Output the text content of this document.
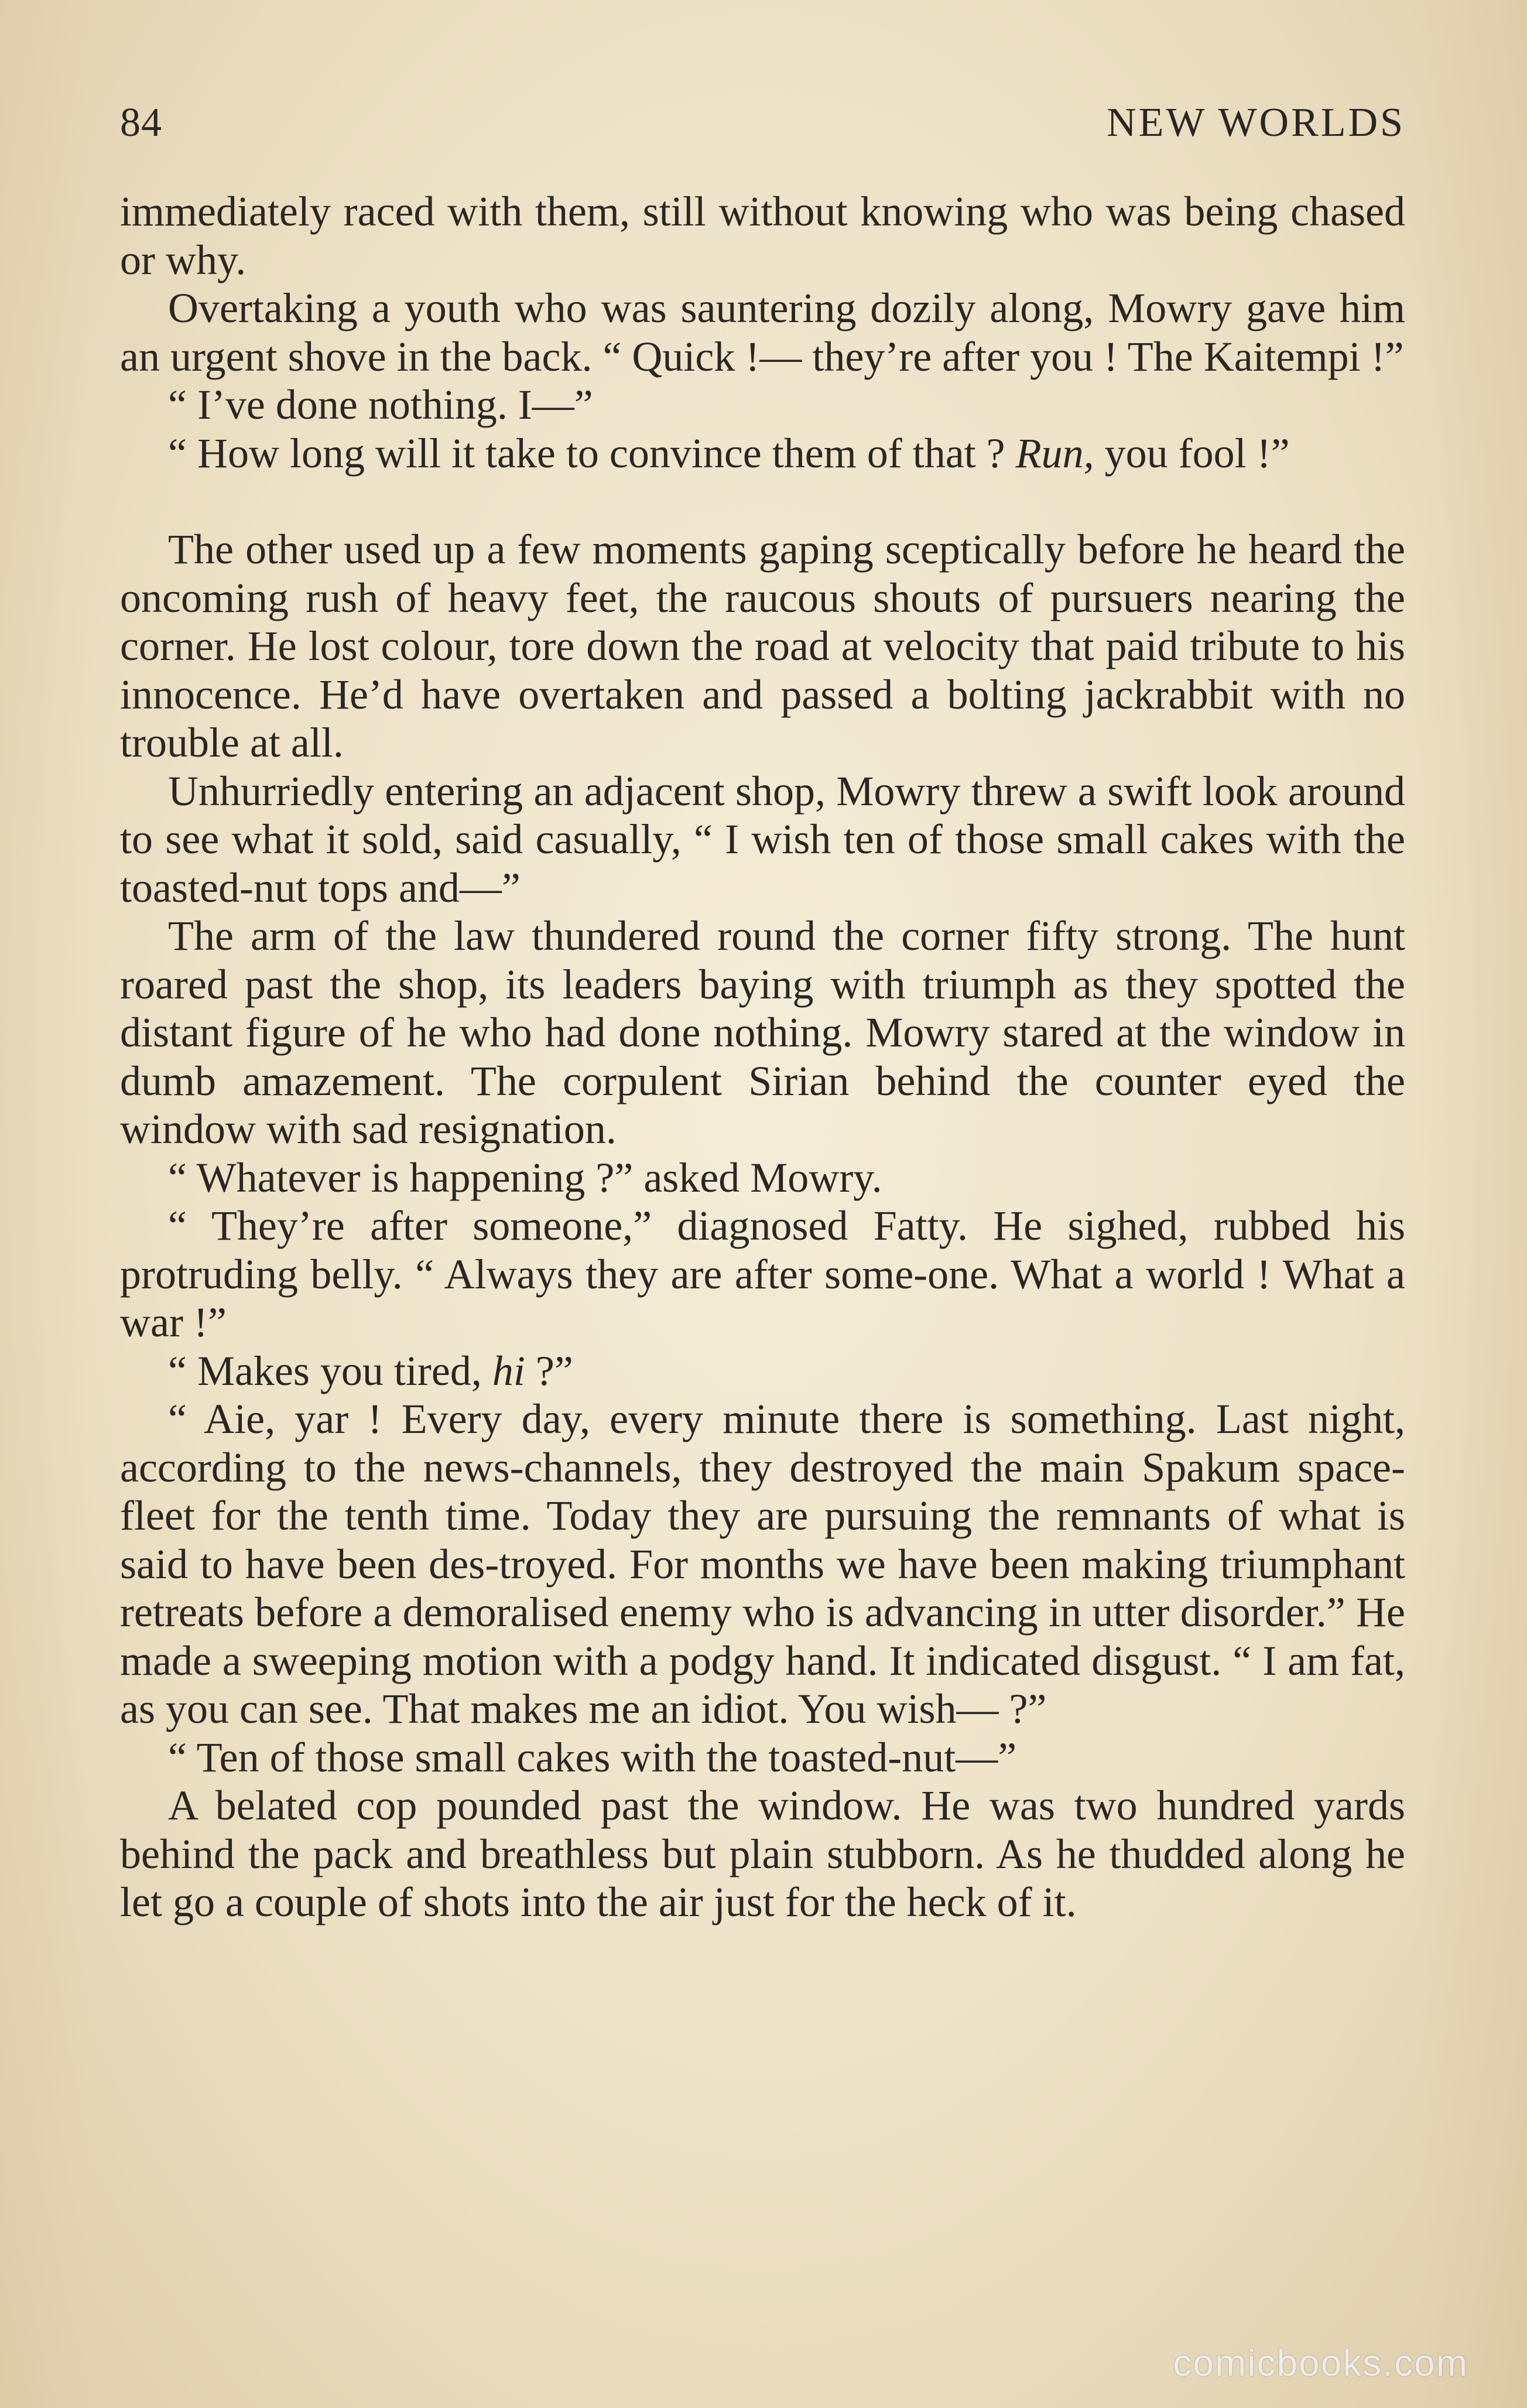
84	NEW WORLDS

immediately raced with them, still without knowing who was being chased or why.

Overtaking a youth who was sauntering dozily along, Mowry gave him an urgent shove in the back. “ Quick !— they’re after you ! The Kaitempi !”

“ I’ve done nothing. I—”

“ How long will it take to convince them of that ? Run, you fool !”

The other used up a few moments gaping sceptically before he heard the oncoming rush of heavy feet, the raucous shouts of pursuers nearing the corner. He lost colour, tore down the road at velocity that paid tribute to his innocence. He’d have overtaken and passed a bolting jackrabbit with no trouble at all.

Unhurriedly entering an adjacent shop, Mowry threw a swift look around to see what it sold, said casually, “ I wish ten of those small cakes with the toasted-nut tops and—”

The arm of the law thundered round the corner fifty strong. The hunt roared past the shop, its leaders baying with triumph as they spotted the distant figure of he who had done nothing. Mowry stared at the window in dumb amazement. The corpulent Sirian behind the counter eyed the window with sad resignation.

“ Whatever is happening ?” asked Mowry.

“ They’re after someone,” diagnosed Fatty. He sighed, rubbed his protruding belly. “ Always they are after some-one. What a world ! What a war !”

“ Makes you tired, hi ?”

“ Aie, yar ! Every day, every minute there is something. Last night, according to the news-channels, they destroyed the main Spakum space-fleet for the tenth time. Today they are pursuing the remnants of what is said to have been des-troyed. For months we have been making triumphant retreats before a demoralised enemy who is advancing in utter disorder.” He made a sweeping motion with a podgy hand. It indicated disgust. “ I am fat, as you can see. That makes me an idiot. You wish— ?”

“ Ten of those small cakes with the toasted-nut—”

A belated cop pounded past the window. He was two hundred yards behind the pack and breathless but plain stubborn. As he thudded along he let go a couple of shots into the air just for the heck of it.

comicbooks.com
